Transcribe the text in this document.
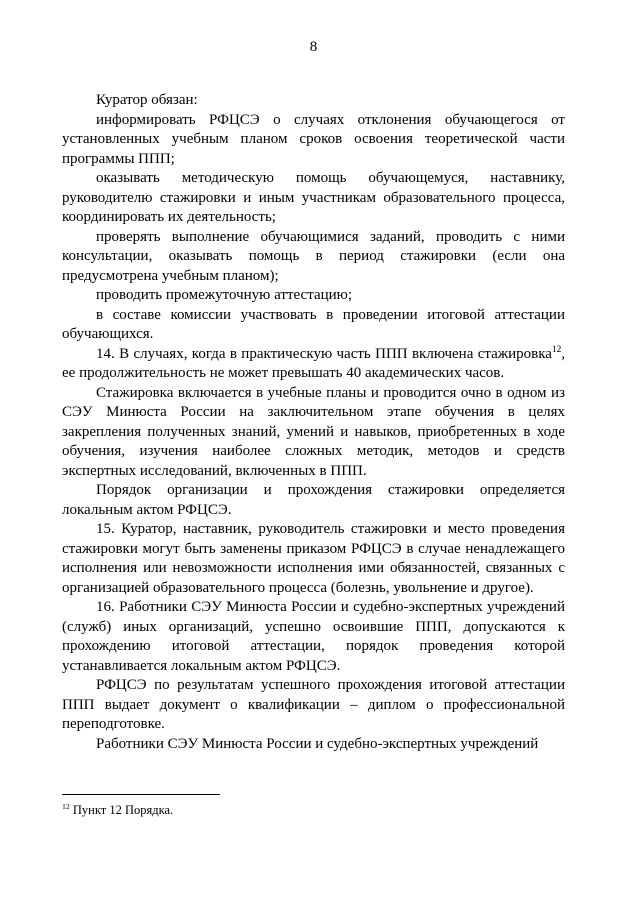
8

Куратор обязан:

информировать РФЦСЭ о случаях отклонения обучающегося от установленных учебным планом сроков освоения теоретической части программы ППП;

оказывать методическую помощь обучающемуся, наставнику, руководителю стажировки и иным участникам образовательного процесса, координировать их деятельность;

проверять выполнение обучающимися заданий, проводить с ними консультации, оказывать помощь в период стажировки (если она предусмотрена учебным планом);

проводить промежуточную аттестацию;

в составе комиссии участвовать в проведении итоговой аттестации обучающихся.

14. В случаях, когда в практическую часть ППП включена стажировка$^{12}$, ее продолжительность не может превышать 40 академических часов.

Стажировка включается в учебные планы и проводится очно в одном из СЭУ Минюста России на заключительном этапе обучения в целях закрепления полученных знаний, умений и навыков, приобретенных в ходе обучения, изучения наиболее сложных методик, методов и средств экспертных исследований, включенных в ППП.

Порядок организации и прохождения стажировки определяется локальным актом РФЦСЭ.

15. Куратор, наставник, руководитель стажировки и место проведения стажировки могут быть заменены приказом РФЦСЭ в случае ненадлежащего исполнения или невозможности исполнения ими обязанностей, связанных с организацией образовательного процесса (болезнь, увольнение и другое).

16. Работники СЭУ Минюста России и судебно-экспертных учреждений (служб) иных организаций, успешно освоившие ППП, допускаются к прохождению итоговой аттестации, порядок проведения которой устанавливается локальным актом РФЦСЭ.

РФЦСЭ по результатам успешного прохождения итоговой аттестации ППП выдает документ о квалификации – диплом о профессиональной переподготовке.

Работники СЭУ Минюста России и судебно-экспертных учреждений

$^{12}$ Пункт 12 Порядка.
